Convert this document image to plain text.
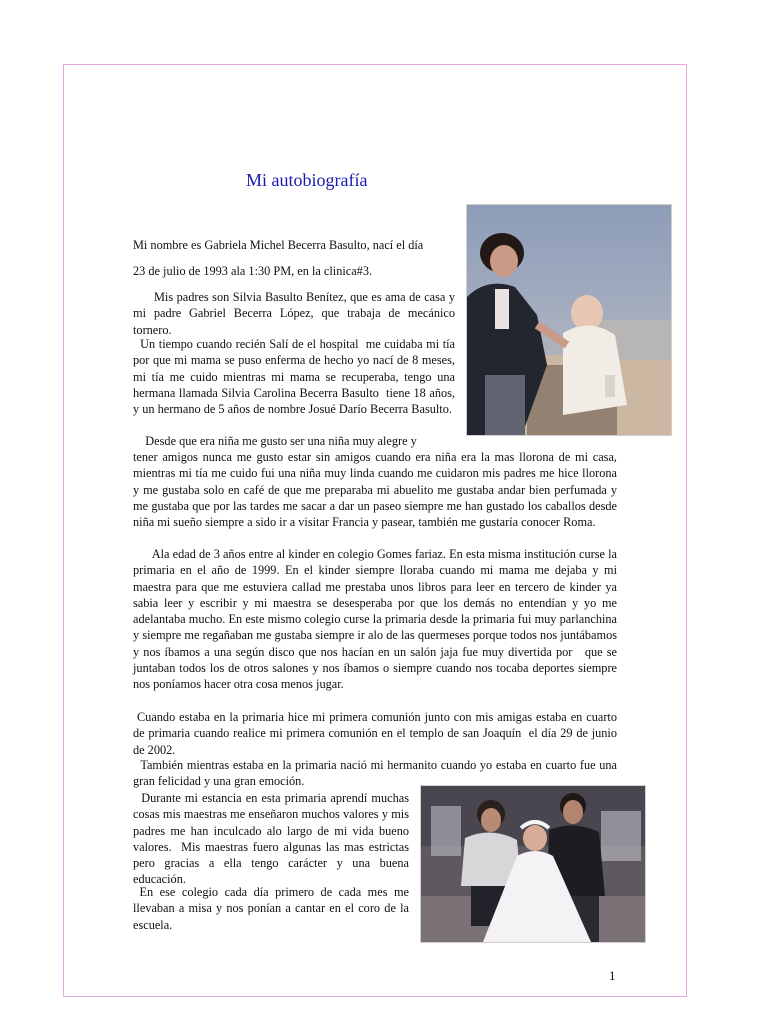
Mi autobiografía

Mi nombre es Gabriela Michel Becerra Basulto, nací el día

23 de julio de 1993 ala 1:30 PM, en la clinica#3.

Mis padres son Silvia Basulto Benítez, que es ama de casa y mi padre Gabriel Becerra López, que trabaja de mecánico tornero.

Un tiempo cuando recién Salí de el hospital  me cuidaba mi tía por que mi mama se puso enferma de hecho yo nací de 8 meses, mi tía me cuido mientras mi mama se recuperaba, tengo una hermana llamada Silvia Carolina Becerra Basulto  tiene 18 años, y un hermano de 5 años de nombre Josué Darío Becerra Basulto.

Desde que era niña me gusto ser una niña muy alegre y

tener amigos nunca me gusto estar sin amigos cuando era niña era la mas llorona de mi casa, mientras mi tía me cuido fui una niña muy linda cuando me cuidaron mis padres me hice llorona y me gustaba solo en café de que me preparaba mi abuelito me gustaba andar bien perfumada y me gustaba que por las tardes me sacar a dar un paseo siempre me han gustado los caballos desde niña mi sueño siempre a sido ir a visitar Francia y pasear, también me gustaría conocer Roma.

Ala edad de 3 años entre al kinder en colegio Gomes fariaz. En esta misma institución curse la primaria en el año de 1999. En el kinder siempre lloraba cuando mi mama me dejaba y mi maestra para que me estuviera callad me prestaba unos libros para leer en tercero de kinder ya sabia leer y escribir y mi maestra se desesperaba por que los demás no entendían y yo me adelantaba mucho. En este mismo colegio curse la primaria desde la primaria fui muy parlanchina y siempre me regañaban me gustaba siempre ir alo de las quermeses porque todos nos juntábamos y nos íbamos a una según disco que nos hacían en un salón jaja fue muy divertida por   que se juntaban todos los de otros salones y nos íbamos o siempre cuando nos tocaba deportes siempre nos poníamos hacer otra cosa menos jugar.

Cuando estaba en la primaria hice mi primera comunión junto con mis amigas estaba en cuarto de primaria cuando realice mi primera comunión en el templo de san Joaquín  el día 29 de junio de 2002.

También mientras estaba en la primaria nació mi hermanito cuando yo estaba en cuarto fue una gran felicidad y una gran emoción.

Durante mi estancia en esta primaria aprendí muchas cosas mis maestras me enseñaron muchos valores y mis padres me han inculcado alo largo de mi vida bueno valores.  Mis maestras fuero algunas las mas estrictas pero gracias a ella tengo carácter y una buena educación.

En ese colegio cada día primero de cada mes me llevaban a misa y nos ponían a cantar en el coro de la escuela.

1
